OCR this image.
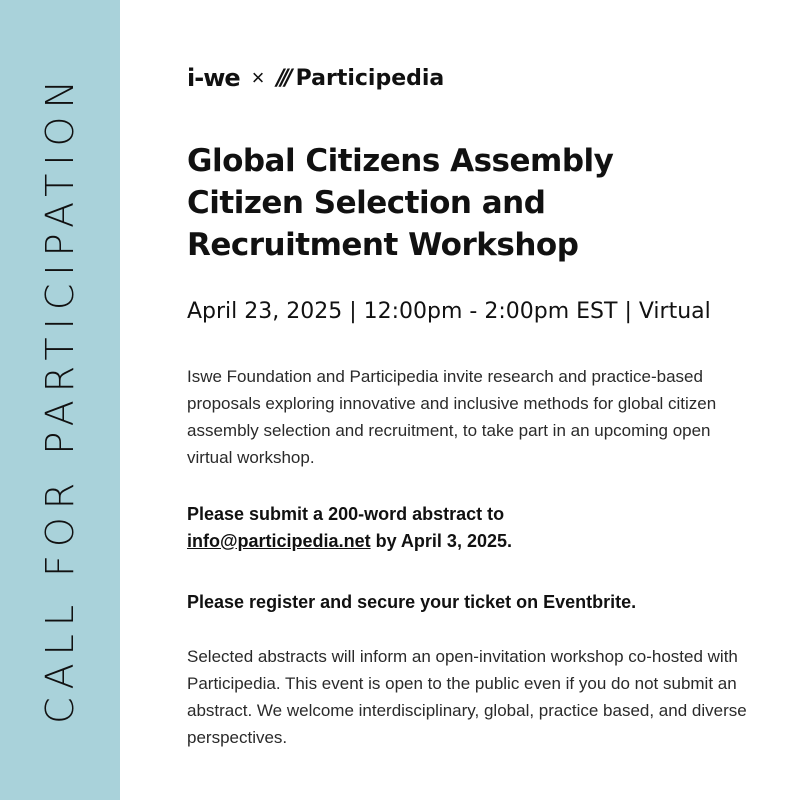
CALL FOR PARTICIPATION	i-we × /// Participedia
Global Citizens Assembly
Citizen Selection and
Recruitment Workshop
April 23, 2025 | 12:00pm - 2:00pm EST | Virtual

Iswe Foundation and Participedia invite research and practice-based proposals exploring innovative and inclusive methods for global citizen assembly selection and recruitment, to take part in an upcoming open virtual workshop.

Please submit a 200-word abstract to
info@participedia.net by April 3, 2025.
Please register and secure your ticket on Eventbrite.

Selected abstracts will inform an open-invitation workshop co-hosted with Participedia. This event is open to the public even if you do not submit an abstract. We welcome interdisciplinary, global, practice based, and diverse perspectives.
